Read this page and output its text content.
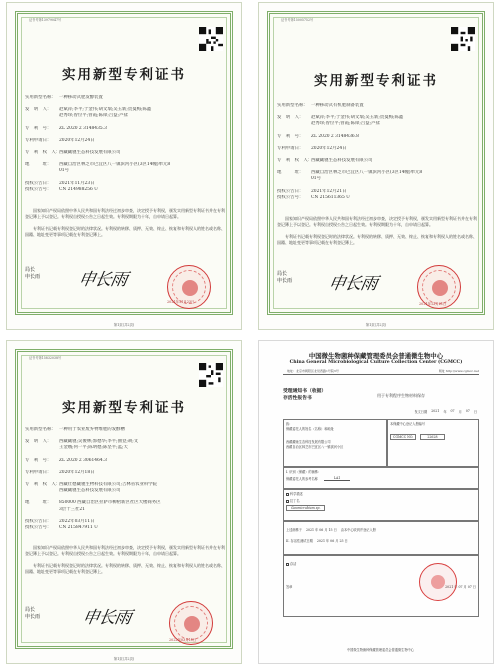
证书号第13979047号
实用新型专利证书
实用新型名称： 一种移动式肥发酵装置
发　明　人：	赵斌萍;李平;于金伟;胡文瑞;吴玉新;贺曼梅;陈鑫
赵秀珍;曾位平;曾霞;陈锋;吕益;卢盐
专　利　号：	ZL 2020 2 3148435.3
专利申请日：	2020年12月24日
专　利　权　人：
西藏藏驰生态科技发展有限公司
地　　　址：	西藏自治区林芝市巴宜区八一镇滨河小区(3区14幢)单元8
01号
授权公告日：	2021年11月23日
授权公告号：	CN 214988256 U
国家知识产权局依照中华人民共和国专利法经过初步审查，决定授予专利权，颁发实用新型专利证书并在专利登记簿上予以登记。专利权自授权公告之日起生效。专利权期限为十年，自申请日起算。
专利证书记载专利权登记时的法律状况。专利权的转移、质押、无效、终止、恢复和专利权人的姓名或名称、国籍、地址变更等事项记载在专利登记簿上。
局长
申长雨 申长雨
2021年11月23日
第1页(共2页)
证书号第15005752号
实用新型专利证书
实用新型名称： 一种移动式有机肥制备装置
发　明　人：	赵斌萍;李平;于金伟;胡文瑞;吴玉新;贺曼梅;陈鑫
赵秀珍;曾位平;曾霞;陈锋;吕益;卢盐
专　利　号：	ZL 2020 2 3148436.8
专利申请日：	2020年12月24日
专　利　权　人：
西藏藏驰生态科技发展有限公司
地　　　址：	西藏自治区林芝市巴宜区八一镇滨河小区(3区14幢)单元8
01号
授权公告日：	2021年12月21日
授权公告号：	CN 215611365 U
国家知识产权局依照中华人民共和国专利法经过初步审查，决定授予专利权，颁发实用新型专利证书并在专利登记簿上予以登记。专利权自授权公告之日起生效。专利权期限为十年，自申请日起算。
专利证书记载专利权登记时的法律状况。专利权的转移、质押、无效、终止、恢复和专利权人的姓名或名称、国籍、地址变更等事项记载在专利登记簿上。
局长
申长雨 申长雨
2021年12月21日
第1页(共2页)
证书号第15832038号
实用新型专利证书
实用新型名称： 一种用于农业废弃物堆肥的发酵槽
发　明　人：	西藏藏驰;吴俊林;郭德华;李平;曲登;胡;文
王金娥;何一平;陈明德;陈坚平;蓝;天
专　利　号：	ZL 2020 2 3061464.3
专利申请日：	2020年12月18日
专　利　权　人：
西藏壮德藏驰生物科技有限公司;吉林省农业科学院
西藏藏驰生态科技发展有限公司
地　　　址：	850000 西藏自治区拉萨市柳梧新区社区大楼商务区
3层十三社21
授权公告日：	2022年03月11日
授权公告号：	CN 215847911 U
国家知识产权局依照中华人民共和国专利法经过初步审查，决定授予专利权，颁发实用新型专利证书并在专利登记簿上予以登记。专利权自授权公告之日起生效。专利权期限为十年，自申请日起算。
专利证书记载专利权登记时的法律状况。专利权的转移、质押、无效、终止、恢复和专利权人的姓名或名称、国籍、地址变更等事项记载在专利登记簿上。
局长
申长雨 申长雨
2022年03月11日
第1页(共2页)
中国微生物菌种保藏管理委员会普通微生物中心
China General Microbiological Culture Collection Center (CGMCC)
地址：北京市朝阳区北辰西路1号院3号	网址 http://www.cgmcc.net
受理通知书（收据）
存活性报告书	用于专利程序生物材料保存
发文日期 2021 年 07 月 07 日
致：
保藏委托人的姓名（名称）和地址
西藏藏驰生态科技发展有限公司
西藏自治区林芝市巴宜区八一镇滨河小区
本保藏中心登记入册编号
CGMCC NO.	22628
I. 识别（保藏）的菌株：
保藏委托人的参考名称	LA1
科学描述
拉丁名
Geomicrobium sp.
上述菌株于 2021 年 06 月 15 日 由本中心收到并登记入册
II. 存活性测试日期 2021 年 06 月 25 日
存活
签章	2021 年 07 月 07 日
中国微生物菌种保藏管理委员会普通微生物中心
